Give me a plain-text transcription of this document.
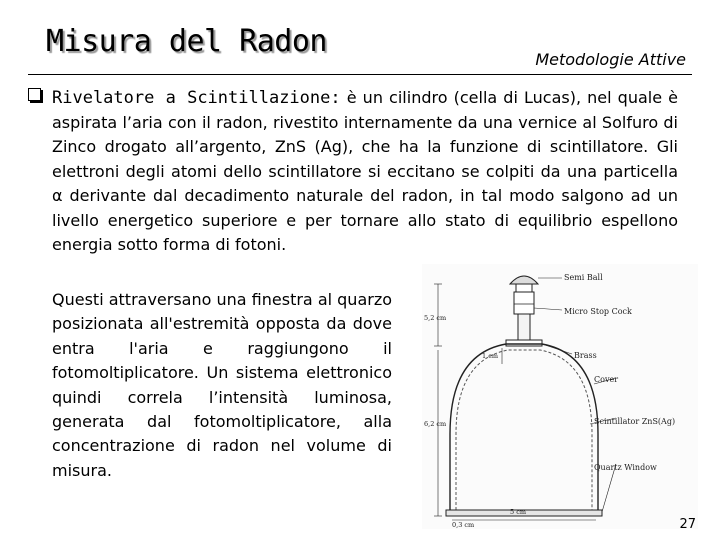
Misura del Radon
Metodologie Attive
Rivelatore a Scintillazione: è un cilindro (cella di Lucas), nel quale è aspirata l’aria con il radon, rivestito internamente da una vernice al Solfuro di Zinco drogato all’argento, ZnS (Ag), che ha la funzione di scintillatore. Gli elettroni degli atomi dello scintillatore si eccitano se colpiti da una particella α derivante dal decadimento naturale del radon, in tal modo salgono ad un livello energetico superiore e per tornare allo stato di equilibrio espellono energia sotto forma di fotoni.
Questi attraversano una finestra al quarzo posizionata all'estremità opposta da dove entra l'aria e raggiungono il fotomoltiplicatore. Un sistema elettronico quindi correla l’intensità luminosa, generata dal fotomoltiplicatore, alla concentrazione di radon nel volume di misura.
Semi Ball
Micro Stop Cock
Brass
Cover
Scintillator ZnS(Ag)
Quartz Window
5,2 cm
1 cm
6,2 cm
5 cm
0,3 cm	27
